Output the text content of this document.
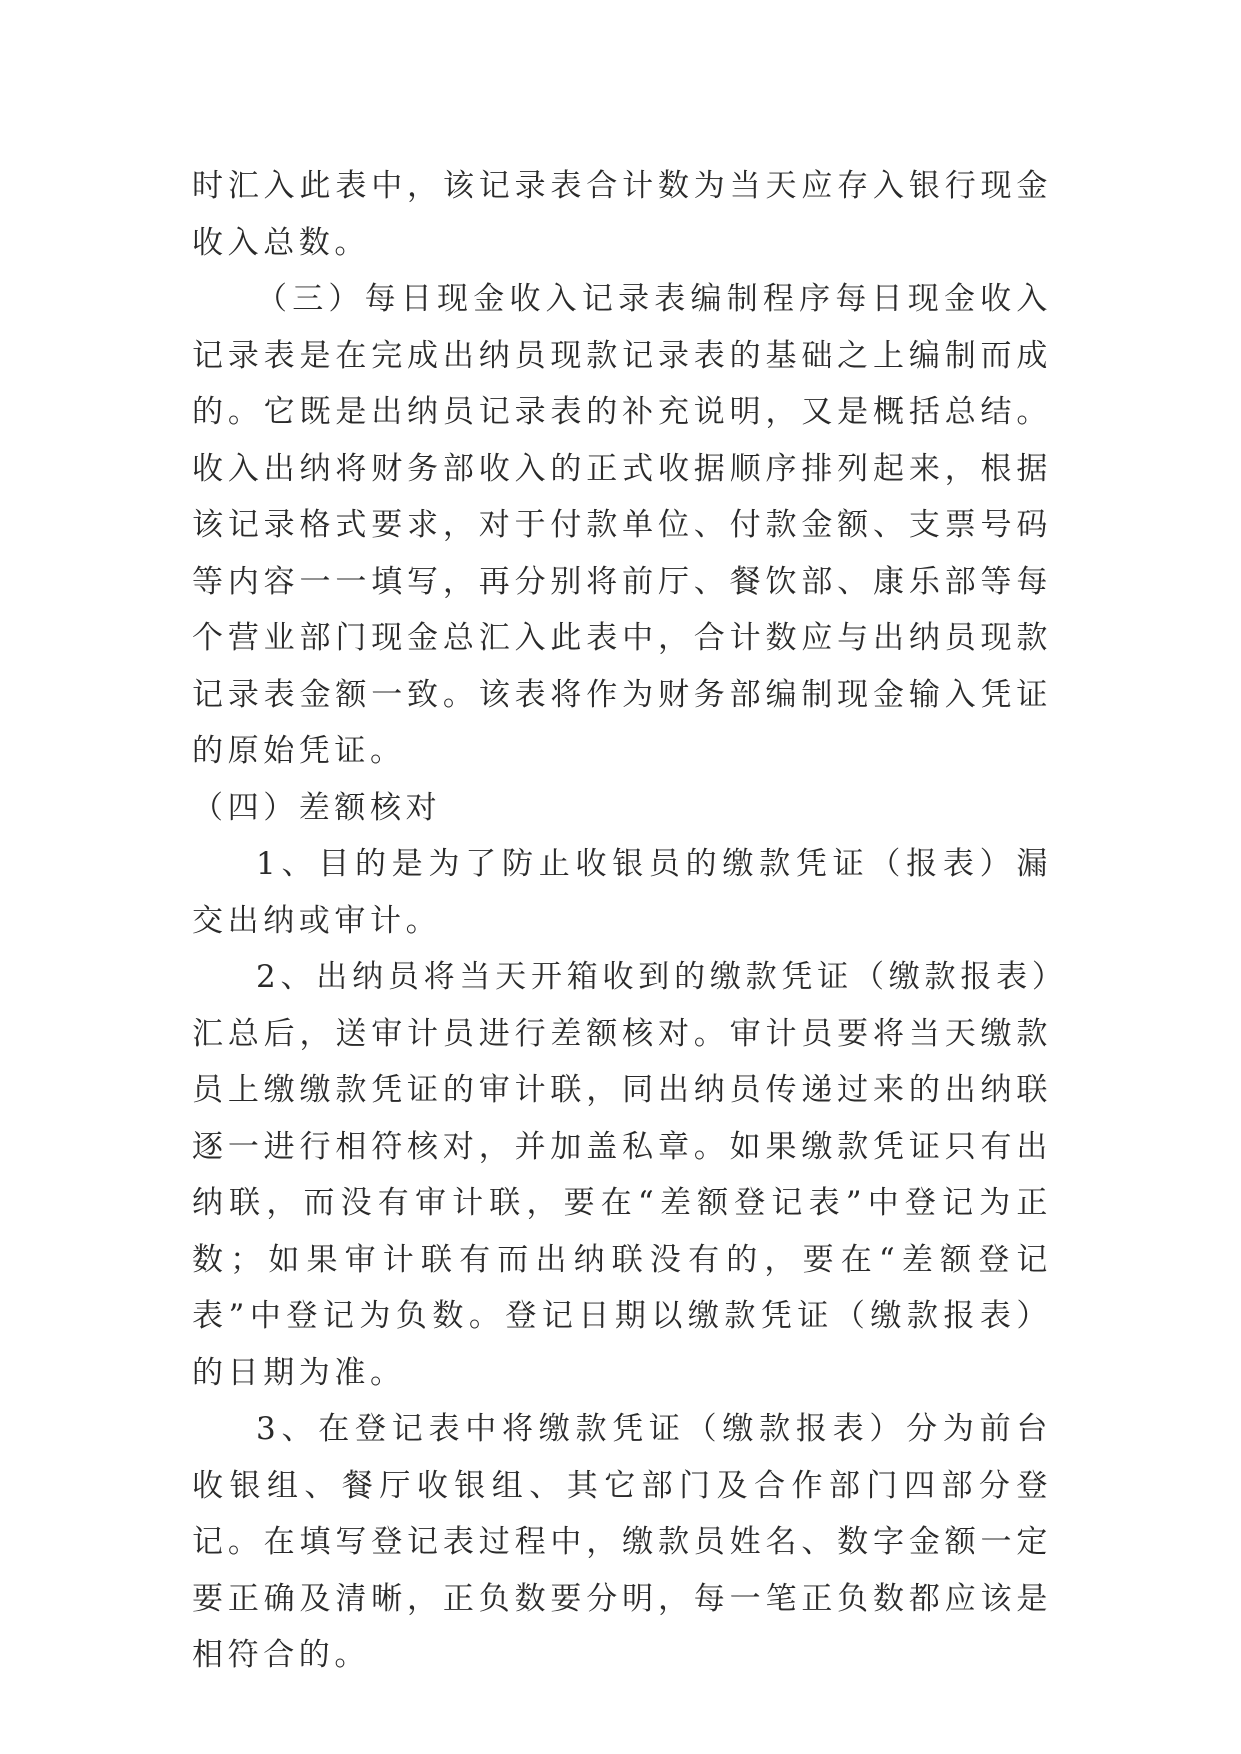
时汇入此表中，该记录表合计数为当天应存入银行现金收入总数。

（三）每日现金收入记录表编制程序每日现金收入记录表是在完成出纳员现款记录表的基础之上编制而成的。它既是出纳员记录表的补充说明，又是概括总结。收入出纳将财务部收入的正式收据顺序排列起来，根据该记录格式要求，对于付款单位、付款金额、支票号码等内容一一填写，再分别将前厅、餐饮部、康乐部等每个营业部门现金总汇入此表中，合计数应与出纳员现款记录表金额一致。该表将作为财务部编制现金输入凭证的原始凭证。

（四）差额核对

1、目的是为了防止收银员的缴款凭证（报表）漏交出纳或审计。

2、出纳员将当天开箱收到的缴款凭证（缴款报表）汇总后，送审计员进行差额核对。审计员要将当天缴款员上缴缴款凭证的审计联，同出纳员传递过来的出纳联逐一进行相符核对，并加盖私章。如果缴款凭证只有出纳联，而没有审计联，要在“差额登记表”中登记为正数；如果审计联有而出纳联没有的，要在“差额登记表”中登记为负数。登记日期以缴款凭证（缴款报表）的日期为准。

3、在登记表中将缴款凭证（缴款报表）分为前台收银组、餐厅收银组、其它部门及合作部门四部分登记。在填写登记表过程中，缴款员姓名、数字金额一定要正确及清晰，正负数要分明，每一笔正负数都应该是相符合的。
